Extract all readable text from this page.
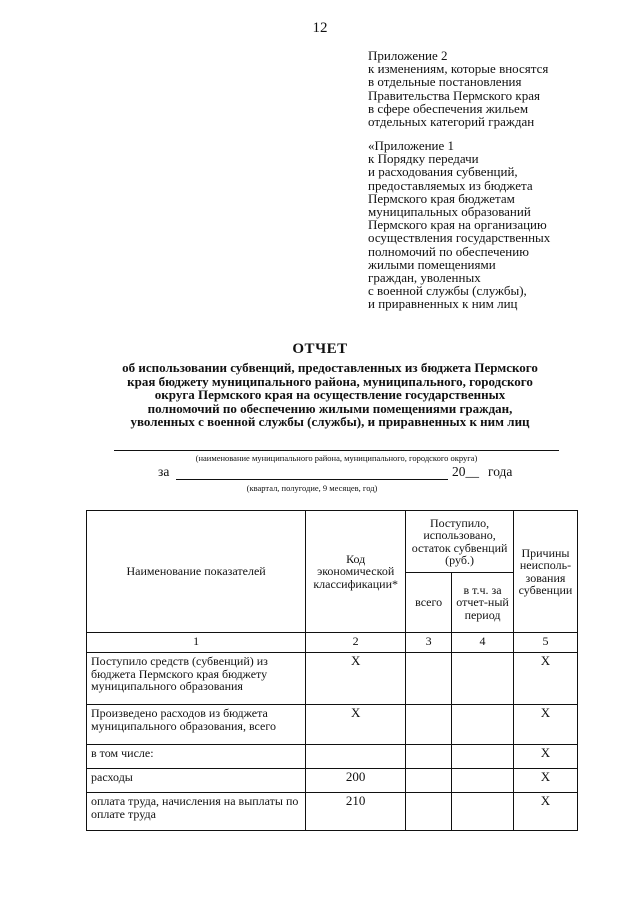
12
Приложение 2
к изменениям, которые вносятся
в отдельные постановления
Правительства Пермского края
в сфере обеспечения жильем
отдельных категорий граждан
«Приложение 1
к Порядку передачи
и расходования субвенций,
предоставляемых из бюджета
Пермского края бюджетам
муниципальных образований
Пермского края на организацию
осуществления государственных
полномочий по обеспечению
жилыми помещениями
граждан, уволенных
с военной службы (службы),
и приравненных к ним лиц
ОТЧЕТ
об использовании субвенций, предоставленных из бюджета Пермского
края бюджету муниципального района, муниципального, городского
округа Пермского края на осуществление государственных
полномочий по обеспечению жилыми помещениями граждан,
уволенных с военной службы (службы), и приравненных к ним лиц
(наименование муниципального района, муниципального, городского округа)
за	20__ года
(квартал, полугодие, 9 месяцев, год)
Наименование показателей	Код экономической классификации*	Поступило, использовано, остаток субвенций (руб.)		Причины неисполь-зования субвенции
		всего	в т.ч. за отчет-ный период	
1	2	3	4	5
Поступило средств (субвенций) из бюджета Пермского края бюджету муниципального образования	Х			Х
Произведено расходов из бюджета муниципального образования, всего	Х			Х
в том числе:				Х
расходы	200			Х
оплата труда, начисления на выплаты по оплате труда	210			Х
